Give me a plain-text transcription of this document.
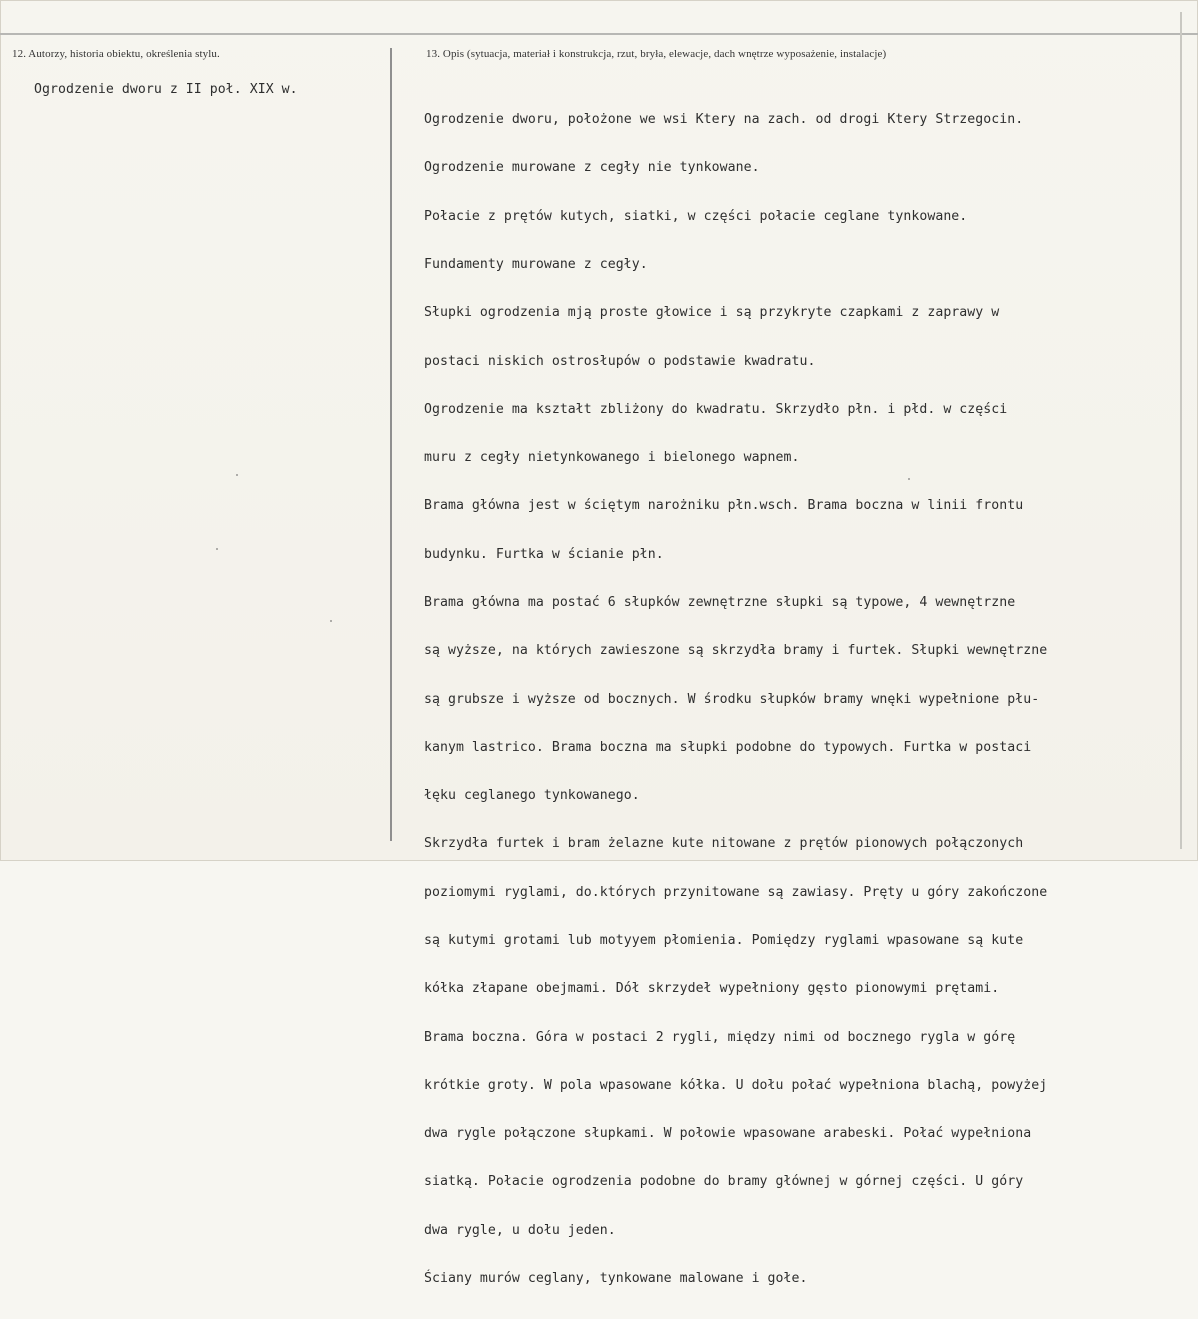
12. Autorzy, historia obiektu, określenia stylu.	13. Opis (sytuacja, materiał i konstrukcja, rzut, bryła, elewacje, dach wnętrze wyposażenie, instalacje)
Ogrodzenie dworu z II poł. XIX w.

Ogrodzenie dworu, położone we wsi Ktery na zach. od drogi Ktery Strzegocin.

Ogrodzenie murowane z cegły nie tynkowane.

Połacie z prętów kutych, siatki, w części połacie ceglane tynkowane.

Fundamenty murowane z cegły.

Słupki ogrodzenia mją proste głowice i są przykryte czapkami z zaprawy w

postaci niskich ostrosłupów o podstawie kwadratu.

Ogrodzenie ma kształt zbliżony do kwadratu. Skrzydło płn. i płd. w części

muru z cegły nietynkowanego i bielonego wapnem.

Brama główna jest w ściętym narożniku płn.wsch. Brama boczna w linii frontu

budynku. Furtka w ścianie płn.

Brama główna ma postać 6 słupków zewnętrzne słupki są typowe, 4 wewnętrzne

są wyższe, na których zawieszone są skrzydła bramy i furtek. Słupki wewnętrzne

są grubsze i wyższe od bocznych. W środku słupków bramy wnęki wypełnione płu-

kanym lastrico. Brama boczna ma słupki podobne do typowych. Furtka w postaci

łęku ceglanego tynkowanego.

Skrzydła furtek i bram żelazne kute nitowane z prętów pionowych połączonych

poziomymi ryglami, do.których przynitowane są zawiasy. Pręty u góry zakończone

są kutymi grotami lub motyyem płomienia. Pomiędzy ryglami wpasowane są kute

kółka złapane obejmami. Dół skrzydeł wypełniony gęsto pionowymi prętami.

Brama boczna. Góra w postaci 2 rygli, między nimi od bocznego rygla w górę

krótkie groty. W pola wpasowane kółka. U dołu połać wypełniona blachą, powyżej

dwa rygle połączone słupkami. W połowie wpasowane arabeski. Połać wypełniona

siatką. Połacie ogrodzenia podobne do bramy głównej w górnej części. U góry

dwa rygle, u dołu jeden.

Ściany murów ceglany, tynkowane malowane i gołe.
